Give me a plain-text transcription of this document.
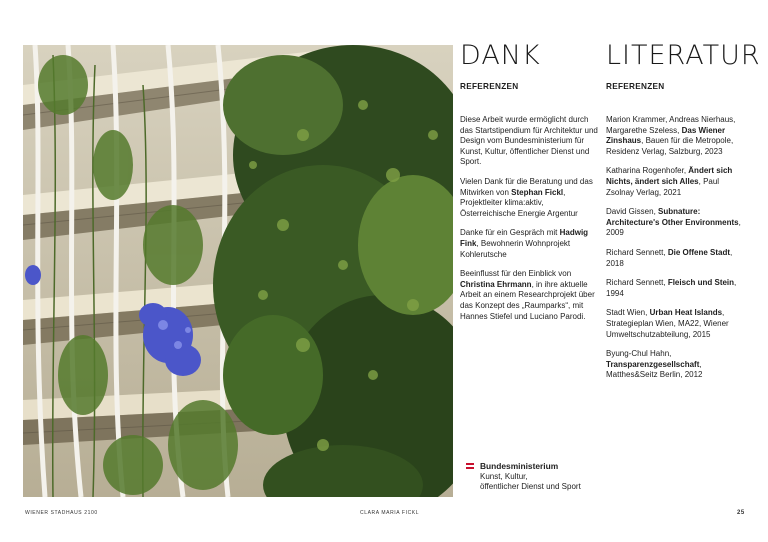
DANK
REFERENZEN

Diese Arbeit wurde ermöglicht durch das Startstipendium für Architektur und Design vom Bundesministerium für Kunst, Kultur, öffentlicher Dienst und Sport.

Vielen Dank für die Beratung und das Mitwirken von Stephan Fickl, Projektleiter klima:aktiv, Österreichische Energie Argentur

Danke für ein Gespräch mit Hadwig Fink, Bewohnerin Wohnprojekt Kohlerutsche

Beeinflusst für den Einblick von Christina Ehrmann, in ihre aktuelle Arbeit an einem Researchprojekt über das Konzept des „Raumparks“, mit Hannes Stiefel und Luciano Parodi.

LITERATUR
REFERENZEN

Marion Krammer, Andreas Nierhaus, Margarethe Szeless, Das Wiener Zinshaus, Bauen für die Metropole, Residenz Verlag, Salzburg, 2023

Katharina Rogenhofer, Ändert sich Nichts, ändert sich Alles, Paul Zsolnay Verlag, 2021

David Gissen, Subnature: Architecture's Other Environments, 2009

Richard Sennett, Die Offene Stadt, 2018

Richard Sennett, Fleisch und Stein, 1994

Stadt Wien, Urban Heat Islands, Strategieplan Wien, MA22, Wiener Umweltschutzabteilung, 2015

Byung-Chul Hahn, Transparenzgesellschaft, Matthes&Seitz Berlin, 2012

Bundesministerium
Kunst, Kultur,
öffentlicher Dienst und Sport
WIENER STADHAUS 2100	CLARA MARIA FICKL	25
